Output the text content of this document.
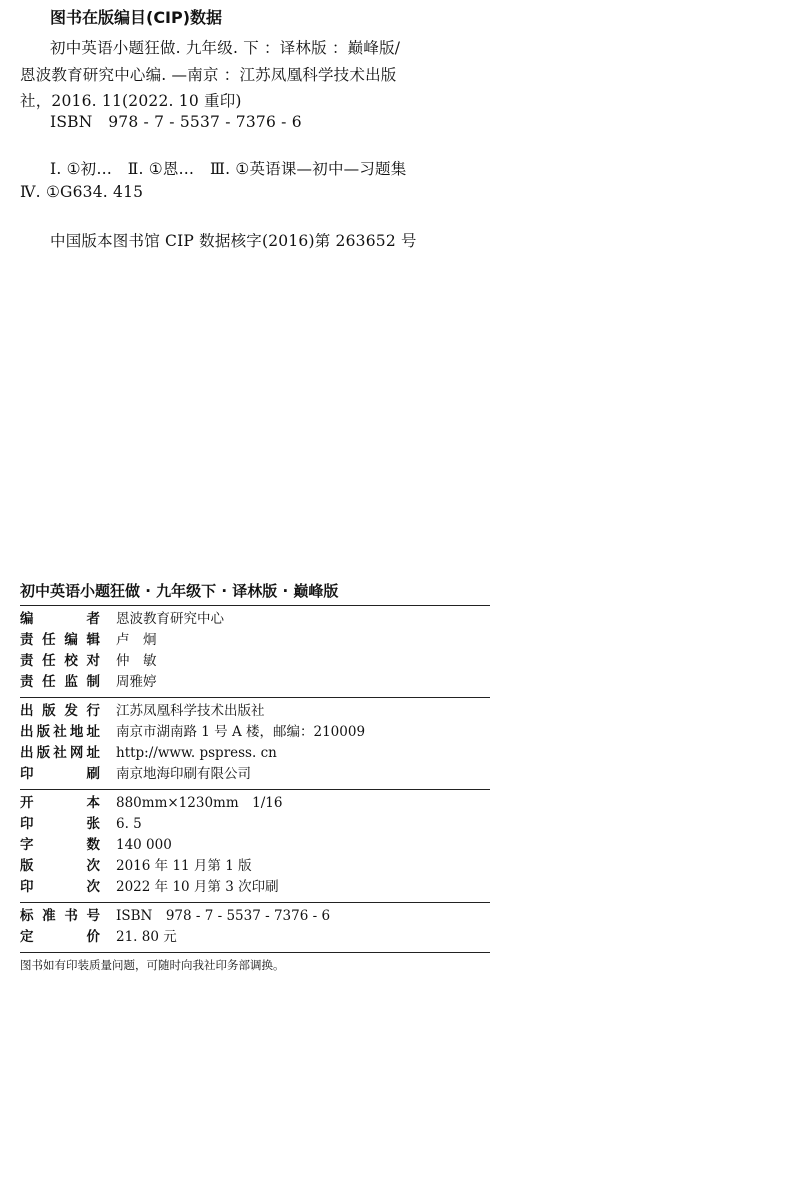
图书在版编目(CIP)数据
初中英语小题狂做. 九年级. 下 ：译林版 ：巅峰版/
恩波教育研究中心编. —南京 ：江苏凤凰科学技术出版
社，2016. 11(2022. 10 重印)
ISBN　978 - 7 - 5537 - 7376 - 6
Ⅰ. ①初…　Ⅱ. ①恩…　Ⅲ. ①英语课—初中—习题集
Ⅳ. ①G634. 415
中国版本图书馆 CIP 数据核字(2016)第 263652 号
初中英语小题狂做 · 九年级下 · 译林版 · 巅峰版
编	者 恩波教育研究中心
责 任 编 辑 卢　炯
责 任 校 对 仲　敏
责 任 监 制 周雅婷
出 版 发 行 江苏凤凰科学技术出版社
出 版 社 地 址 南京市湖南路 1 号 A 楼，邮编：210009
出 版 社 网 址 http://www. pspress. cn
印	刷 南京地海印刷有限公司
开	本 880mm×1230mm　1/16
印	张 6. 5
字	数 140 000
版	次 2016 年 11 月第 1 版
印	次 2022 年 10 月第 3 次印刷
标 准 书 号 ISBN　978 - 7 - 5537 - 7376 - 6
定	价 21. 80 元
图书如有印装质量问题，可随时向我社印务部调换。
